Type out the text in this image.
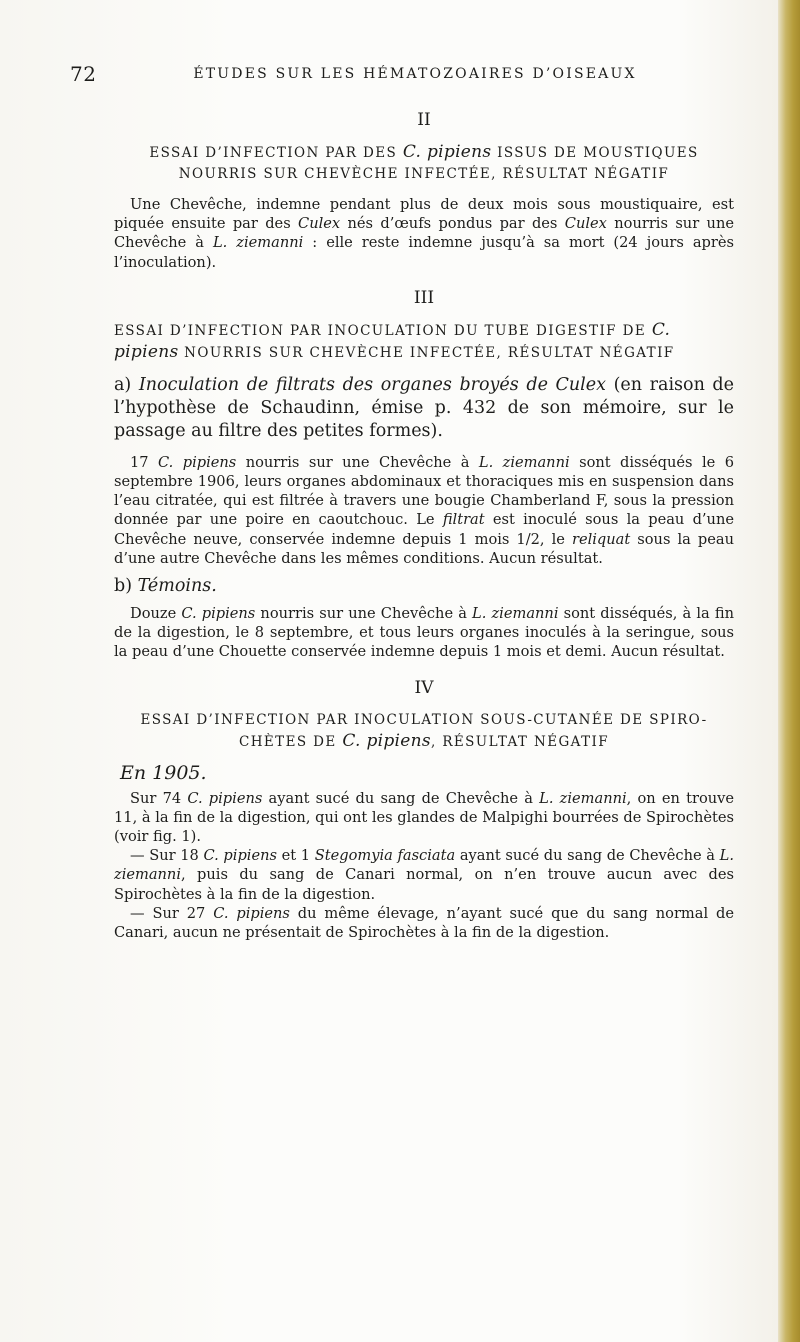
72	ÉTUDES SUR LES HÉMATOZOAIRES D’OISEAUX
II
ESSAI D’INFECTION PAR DES C. pipiens ISSUS DE MOUSTIQUES
NOURRIS SUR CHEVÈCHE INFECTÉE, RÉSULTAT NÉGATIF

Une Chevêche, indemne pendant plus de deux mois sous moustiquaire, est piquée ensuite par des Culex nés d’œufs pondus par des Culex nourris sur une Chevêche à L. ziemanni : elle reste indemne jusqu’à sa mort (24 jours après l’inoculation).

III
ESSAI D’INFECTION PAR INOCULATION DU TUBE DIGESTIF DE C.
pipiens NOURRIS SUR CHEVÈCHE INFECTÉE, RÉSULTAT NÉGATIF

a) Inoculation de filtrats des organes broyés de Culex (en raison de l’hypothèse de Schaudinn, émise p. 432 de son mémoire, sur le passage au filtre des petites formes).

17 C. pipiens nourris sur une Chevêche à L. ziemanni sont disséqués le 6 septembre 1906, leurs organes abdominaux et thoraciques mis en suspension dans l’eau citratée, qui est filtrée à travers une bougie Chamberland F, sous la pression donnée par une poire en caoutchouc. Le filtrat est inoculé sous la peau d’une Chevêche neuve, conservée indemne depuis 1 mois 1/2, le reliquat sous la peau d’une autre Chevêche dans les mêmes conditions. Aucun résultat.

b) Témoins.

Douze C. pipiens nourris sur une Chevêche à L. ziemanni sont disséqués, à la fin de la digestion, le 8 septembre, et tous leurs organes inoculés à la seringue, sous la peau d’une Chouette conservée indemne depuis 1 mois et demi. Aucun résultat.

IV
ESSAI D’INFECTION PAR INOCULATION SOUS-CUTANÉE DE SPIRO-
CHÈTES DE C. pipiens, RÉSULTAT NÉGATIF
En 1905.

Sur 74 C. pipiens ayant sucé du sang de Chevêche à L. ziemanni, on en trouve 11, à la fin de la digestion, qui ont les glandes de Malpighi bourrées de Spirochètes (voir fig. 1).

— Sur 18 C. pipiens et 1 Stegomyia fasciata ayant sucé du sang de Chevêche à L. ziemanni, puis du sang de Canari normal, on n’en trouve aucun avec des Spirochètes à la fin de la digestion.

— Sur 27 C. pipiens du même élevage, n’ayant sucé que du sang normal de Canari, aucun ne présentait de Spirochètes à la fin de la digestion.
